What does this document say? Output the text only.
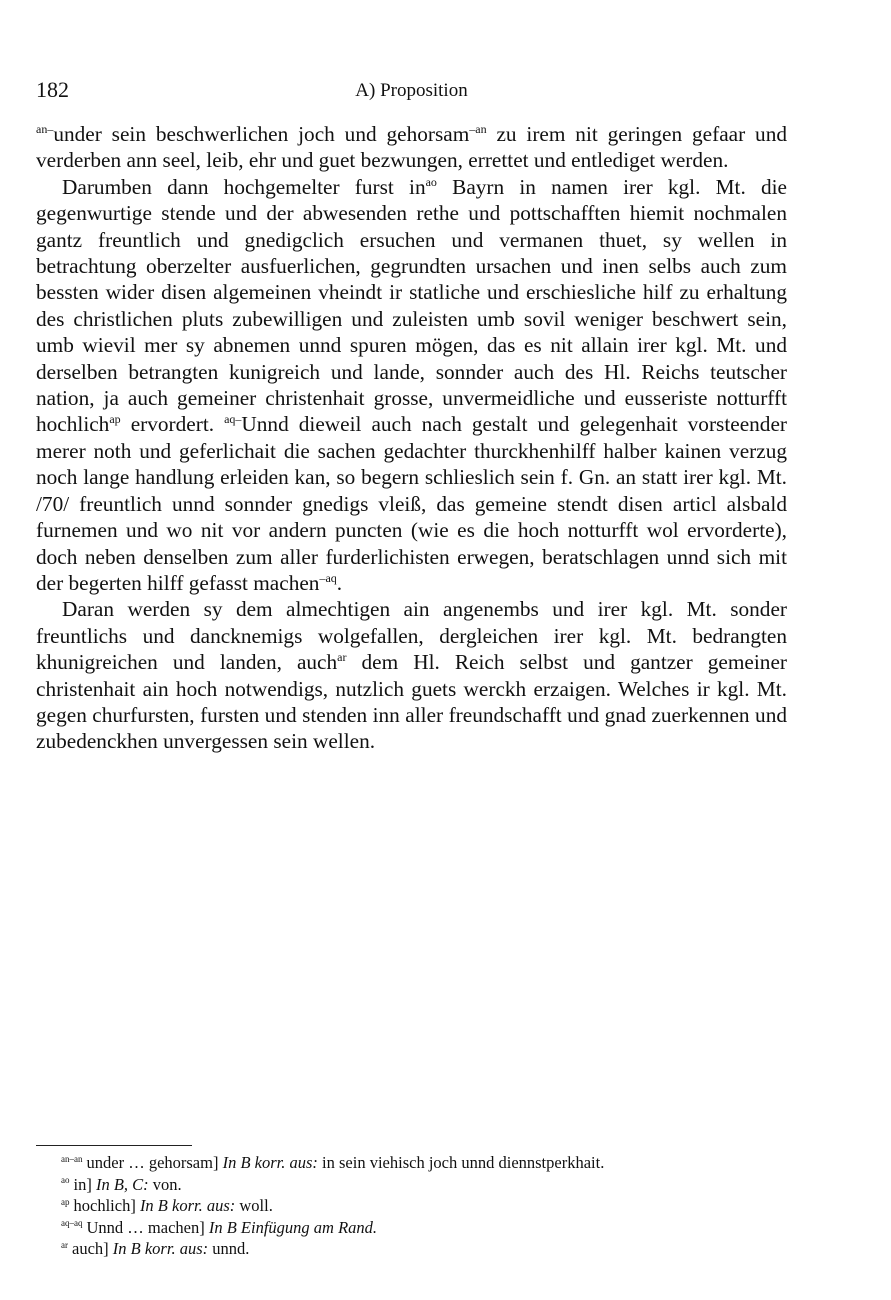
182	A) Proposition

$^{an-}$under sein beschwerlichen joch und gehorsam$^{-an}$ zu irem nit geringen gefaar und verderben ann seel, leib, ehr und guet bezwungen, errettet und entlediget werden.

Darumben dann hochgemelter furst in$^{ao}$ Bayrn in namen irer kgl. Mt. die gegenwurtige stende und der abwesenden rethe und pottschafften hiemit nochmalen gantz freuntlich und gnedigclich ersuchen und vermanen thuet, sy wellen in betrachtung oberzelter ausfuerlichen, gegrundten ursachen und inen selbs auch zum bessten wider disen algemeinen vheindt ir statliche und erschiesliche hilf zu erhaltung des christlichen pluts zubewilligen und zuleisten umb sovil weniger beschwert sein, umb wievil mer sy abnemen unnd spuren mögen, das es nit allain irer kgl. Mt. und derselben betrangten kunigreich und lande, sonnder auch des Hl. Reichs teutscher nation, ja auch gemeiner christenhait grosse, unvermeidliche und eusseriste notturfft hochlich$^{ap}$ ervordert. $^{aq-}$Unnd dieweil auch nach gestalt und gelegenhait vorsteender merer noth und geferlichait die sachen gedachter thurckhenhilff halber kainen verzug noch lange handlung erleiden kan, so begern schlieslich sein f. Gn. an statt irer kgl. Mt. /70/ freuntlich unnd sonnder gnedigs vleiß, das gemeine stendt disen articl alsbald furnemen und wo nit vor andern puncten (wie es die hoch notturfft wol ervorderte), doch neben denselben zum aller furderlichisten erwegen, beratschlagen unnd sich mit der begerten hilff gefasst machen$^{-aq}$.

Daran werden sy dem almechtigen ain angenembs und irer kgl. Mt. sonder freuntlichs und dancknemigs wolgefallen, dergleichen irer kgl. Mt. bedrangten khunigreichen und landen, auch$^{ar}$ dem Hl. Reich selbst und gantzer gemeiner christenhait ain hoch notwendigs, nutzlich guets werckh erzaigen. Welches ir kgl. Mt. gegen churfursten, fursten und stenden inn aller freundschafft und gnad zuerkennen und zubedenckhen unvergessen sein wellen.

$^{an-an}$ under … gehorsam] In B korr. aus: in sein viehisch joch unnd diennstperkhait.
$^{ao}$ in] In B, C: von.
$^{ap}$ hochlich] In B korr. aus: woll.
$^{aq-aq}$ Unnd … machen] In B Einfügung am Rand.
$^{ar}$ auch] In B korr. aus: unnd.
